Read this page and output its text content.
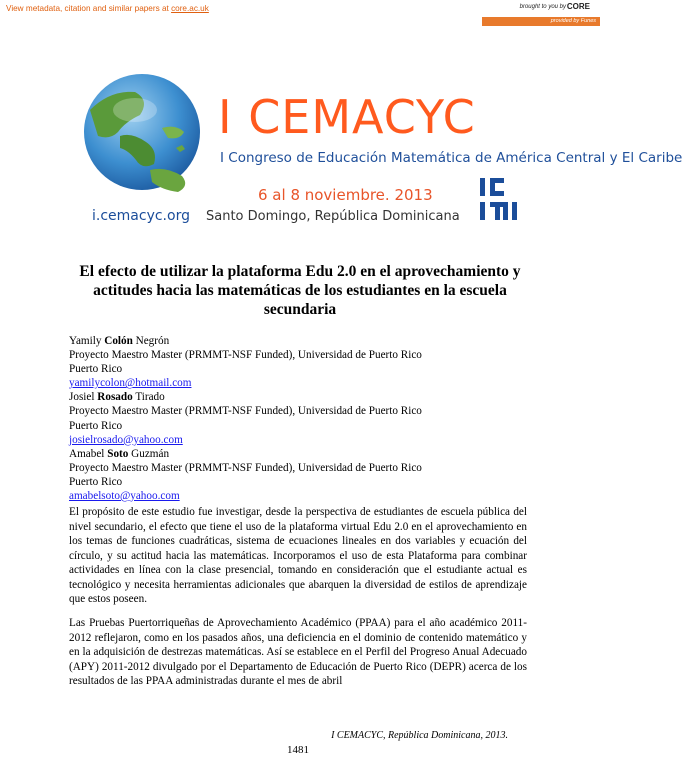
View metadata, citation and similar papers at core.ac.uk	brought to you by CORE
provided by Funes
I CEMACYC
I Congreso de Educación Matemática de América Central y El Caribe
6 al 8 noviembre. 2013
i.cemacyc.org Santo Domingo, República Dominicana
El efecto de utilizar la plataforma Edu 2.0 en el aprovechamiento y actitudes hacia las matemáticas de los estudiantes en la escuela secundaria
Yamily Colón Negrón
Proyecto Maestro Master (PRMMT-NSF Funded), Universidad de Puerto Rico
Puerto Rico
yamilycolon@hotmail.com
Josiel Rosado Tirado
Proyecto Maestro Master (PRMMT-NSF Funded), Universidad de Puerto Rico
Puerto Rico
josielrosado@yahoo.com
Amabel Soto Guzmán
Proyecto Maestro Master (PRMMT-NSF Funded), Universidad de Puerto Rico
Puerto Rico
amabelsoto@yahoo.com
El propósito de este estudio fue investigar, desde la perspectiva de estudiantes de escuela pública del nivel secundario, el efecto que tiene el uso de la plataforma virtual Edu 2.0 en el aprovechamiento en los temas de funciones cuadráticas, sistema de ecuaciones lineales en dos variables y ecuación del círculo, y su actitud hacia las matemáticas. Incorporamos el uso de esta Plataforma para combinar actividades en línea con la clase presencial, tomando en consideración que el estudiante actual es tecnológico y necesita herramientas adicionales que abarquen la diversidad de estilos de aprendizaje que estos poseen.
Las Pruebas Puertorriqueñas de Aprovechamiento Académico (PPAA) para el año académico 2011-2012 reflejaron, como en los pasados años, una deficiencia en el dominio de contenido matemático y en la adquisición de destrezas matemáticas. Así se establece en el Perfil del Progreso Anual Adecuado (APY) 2011-2012 divulgado por el Departamento de Educación de Puerto Rico (DEPR) acerca de los resultados de las PPAA administradas durante el mes de abril
I CEMACYC, República Dominicana, 2013.
1481
